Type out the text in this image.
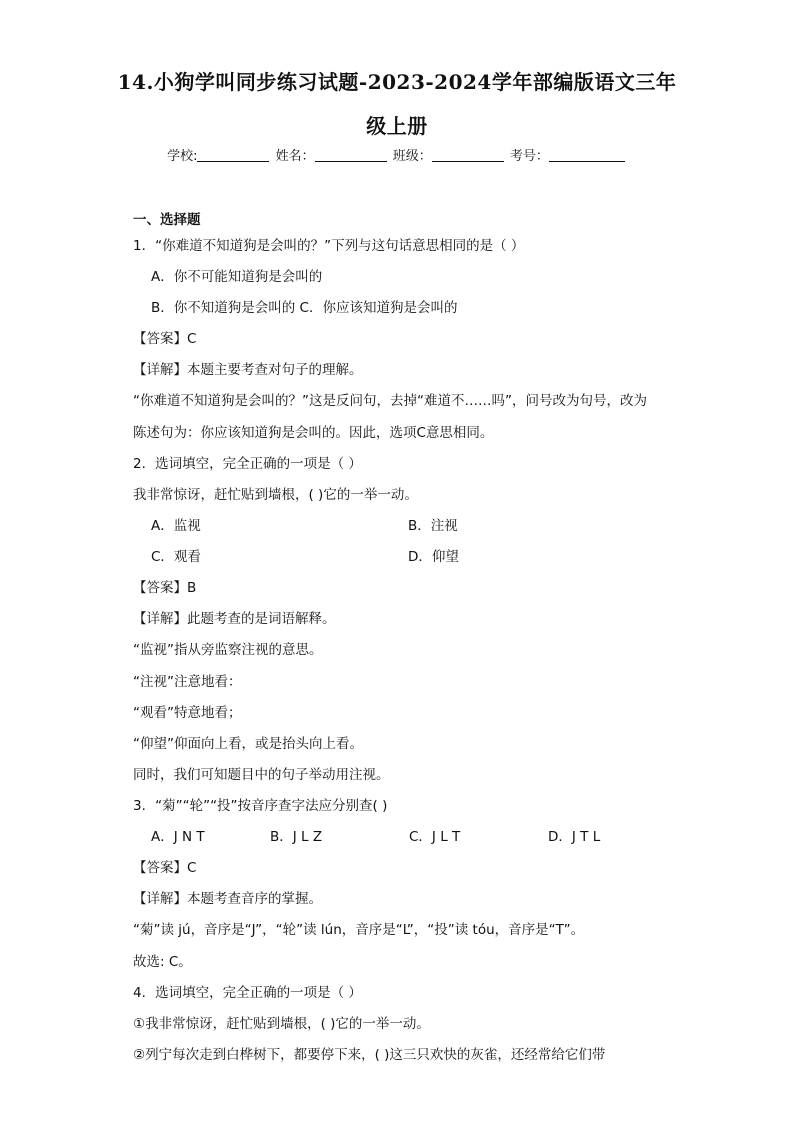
14.小狗学叫同步练习试题-2023-2024学年部编版语文三年
级上册
学校:	姓名：	班级：	考号：
一、选择题
1．“你难道不知道狗是会叫的？”下列与这句话意思相同的是（ ）
A．你不可能知道狗是会叫的
B．你不知道狗是会叫的 C．你应该知道狗是会叫的
【答案】C
【详解】本题主要考查对句子的理解。
“你难道不知道狗是会叫的？”这是反问句，去掉“难道不……吗”，问号改为句号，改为
陈述句为：你应该知道狗是会叫的。因此，选项C意思相同。
2．选词填空，完全正确的一项是（ ）
我非常惊讶，赶忙贴到墙根，( )它的一举一动。
A．监视	B．注视
C．观看	D．仰望
【答案】B
【详解】此题考查的是词语解释。
“监视”指从旁监察注视的意思。
“注视”注意地看：
“观看”特意地看；
“仰望”仰面向上看，或是抬头向上看。
同时，我们可知题目中的句子举动用注视。
3．“菊”“轮”“投”按音序查字法应分别查( )
A．J N T	B．J L Z	C．J L T	D．J T L
【答案】C
【详解】本题考查音序的掌握。
“菊”读 jú，音序是“J”，“轮”读 lún，音序是“L”，“投”读 tóu，音序是“T”。
故选: C。
4．选词填空，完全正确的一项是（ ）
①我非常惊讶，赶忙贴到墙根，( )它的一举一动。
②列宁每次走到白桦树下，都要停下来，( )这三只欢快的灰雀，还经常给它们带
